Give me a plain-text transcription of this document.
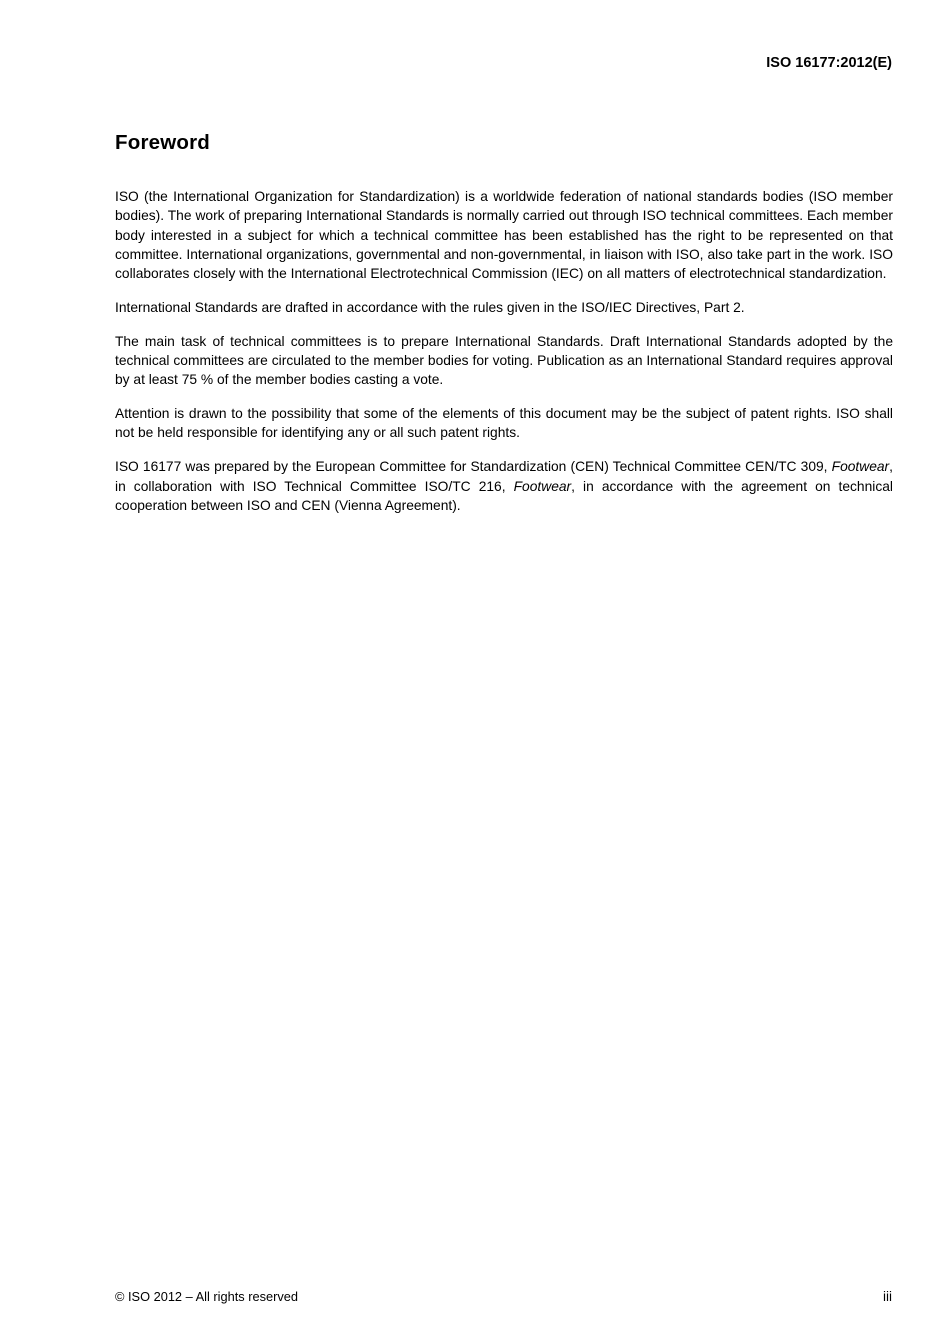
ISO 16177:2012(E)
Foreword

ISO (the International Organization for Standardization) is a worldwide federation of national standards bodies (ISO member bodies). The work of preparing International Standards is normally carried out through ISO technical committees. Each member body interested in a subject for which a technical committee has been established has the right to be represented on that committee. International organizations, governmental and non-governmental, in liaison with ISO, also take part in the work. ISO collaborates closely with the International Electrotechnical Commission (IEC) on all matters of electrotechnical standardization.

International Standards are drafted in accordance with the rules given in the ISO/IEC Directives, Part 2.

The main task of technical committees is to prepare International Standards. Draft International Standards adopted by the technical committees are circulated to the member bodies for voting. Publication as an International Standard requires approval by at least 75 % of the member bodies casting a vote.

Attention is drawn to the possibility that some of the elements of this document may be the subject of patent rights. ISO shall not be held responsible for identifying any or all such patent rights.

ISO 16177 was prepared by the European Committee for Standardization (CEN) Technical Committee CEN/TC 309, Footwear, in collaboration with ISO Technical Committee ISO/TC 216, Footwear, in accordance with the agreement on technical cooperation between ISO and CEN (Vienna Agreement).

© ISO 2012 – All rights reserved	iii
